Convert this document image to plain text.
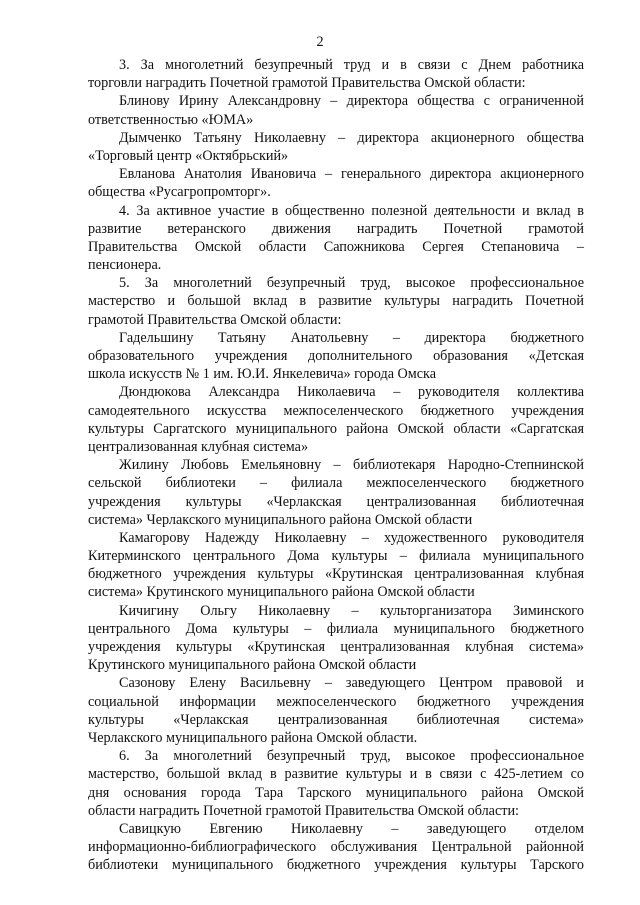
2
3. За многолетний безупречный труд и в связи с Днем работника
торговли наградить Почетной грамотой Правительства Омской области:
Блинову Ирину Александровну – директора общества с ограниченной
ответственностью «ЮМА»
Дымченко Татьяну Николаевну – директора акционерного общества
«Торговый центр «Октябрьский»
Евланова Анатолия Ивановича – генерального директора акционерного
общества «Русагропромторг».
4. За активное участие в общественно полезной деятельности и вклад в
развитие ветеранского движения наградить Почетной грамотой
Правительства Омской области Сапожникова Сергея Степановича –
пенсионера.
5. За многолетний безупречный труд, высокое профессиональное
мастерство и большой вклад в развитие культуры наградить Почетной
грамотой Правительства Омской области:
Гадельшину Татьяну Анатольевну – директора бюджетного
образовательного учреждения дополнительного образования «Детская
школа искусств № 1 им. Ю.И. Янкелевича» города Омска
Дюндюкова Александра Николаевича – руководителя коллектива
самодеятельного искусства межпоселенческого бюджетного учреждения
культуры Саргатского муниципального района Омской области «Саргатская
централизованная клубная система»
Жилину Любовь Емельяновну – библиотекаря Народно-Степнинской
сельской библиотеки – филиала межпоселенческого бюджетного
учреждения культуры «Черлакская централизованная библиотечная
система» Черлакского муниципального района Омской области
Камагорову Надежду Николаевну – художественного руководителя
Китерминского центрального Дома культуры – филиала муниципального
бюджетного учреждения культуры «Крутинская централизованная клубная
система» Крутинского муниципального района Омской области
Кичигину Ольгу Николаевну – культорганизатора Зиминского
центрального Дома культуры – филиала муниципального бюджетного
учреждения культуры «Крутинская централизованная клубная система»
Крутинского муниципального района Омской области
Сазонову Елену Васильевну – заведующего Центром правовой и
социальной информации межпоселенческого бюджетного учреждения
культуры «Черлакская централизованная библиотечная система»
Черлакского муниципального района Омской области.
6. За многолетний безупречный труд, высокое профессиональное
мастерство, большой вклад в развитие культуры и в связи с 425-летием со
дня основания города Тара Тарского муниципального района Омской
области наградить Почетной грамотой Правительства Омской области:
Савицкую Евгению Николаевну – заведующего отделом
информационно-библиографического обслуживания Центральной районной
библиотеки муниципального бюджетного учреждения культуры Тарского
